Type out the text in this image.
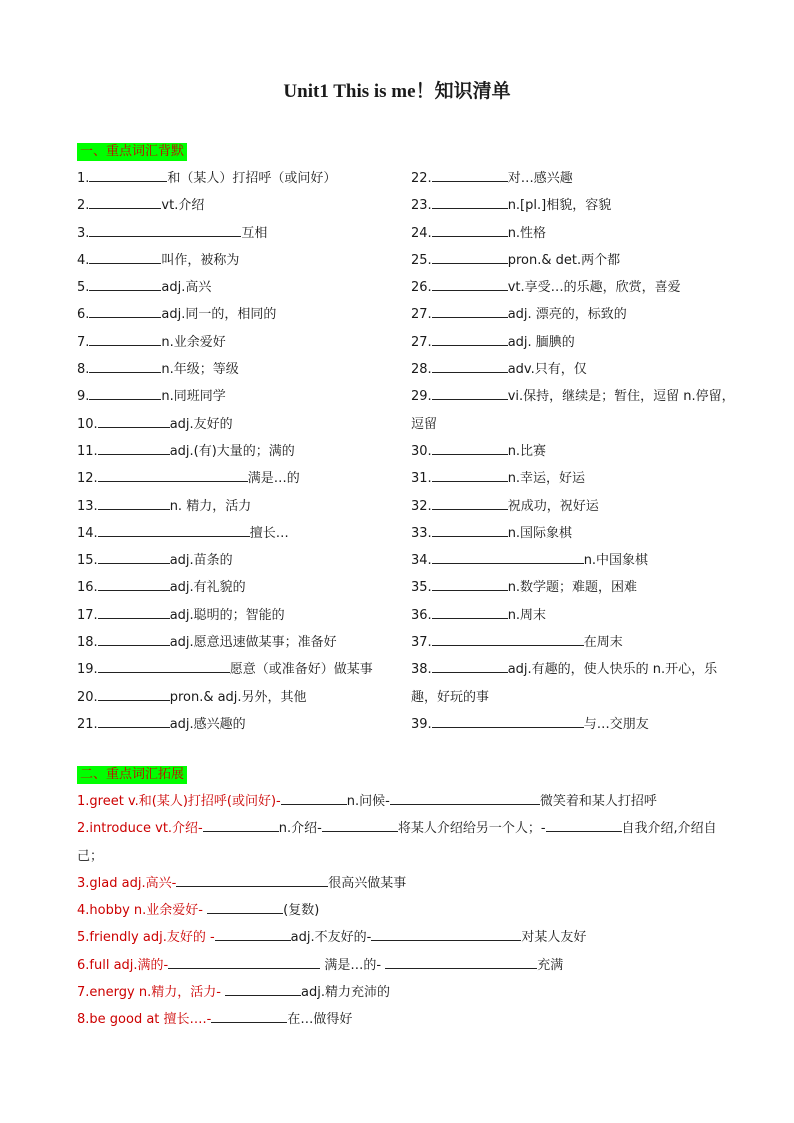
Unit1 This is me！知识清单
一、重点词汇背默
1.	和（某人）打招呼（或问好）
2.	vt.介绍
3.	互相
4.	叫作，被称为
5.	adj.高兴
6.	adj.同一的，相同的
7.	n.业余爱好
8.	n.年级；等级
9.	n.同班同学
10.	adj.友好的
11.	adj.(有)大量的；满的
12.	满是…的
13.	n. 精力，活力
14.	擅长…
15.	adj.苗条的
16.	adj.有礼貌的
17.	adj.聪明的；智能的
18.	adj.愿意迅速做某事；准备好
19.	愿意（或准备好）做某事
20.	pron.& adj.另外，其他
21.	adj.感兴趣的
22.	对…感兴趣
23.	n.[pl.]相貌，容貌
24.	n.性格
25.	pron.& det.两个都
26.	vt.享受…的乐趣，欣赏，喜爱
27.	adj. 漂亮的，标致的
27.	adj. 腼腆的
28.	adv.只有，仅
29.	vi.保持，继续是；暂住，逗留 n.停留，逗留
30.	n.比赛
31.	n.幸运，好运
32.	祝成功，祝好运
33.	n.国际象棋
34.	n.中国象棋
35.	n.数学题；难题，困难
36.	n.周末
37.	在周末
38.	adj.有趣的，使人快乐的 n.开心，乐趣，好玩的事
39.	与…交朋友
二、重点词汇拓展
1.greet v.和(某人)打招呼(或问好)-	n.问候-	微笑着和某人打招呼
2.introduce vt.介绍-	n.介绍-	将某人介绍给另一个人；-	自我介绍,介绍自
己；
3.glad adj.高兴-	很高兴做某事
4.hobby n.业余爱好-	(复数)
5.friendly adj.友好的 -	adj.不友好的-	对某人友好
6.full adj.满的-	满是…的-	充满
7.energy n.精力，活力-	adj.精力充沛的
8.be good at 擅长….-	在…做得好
